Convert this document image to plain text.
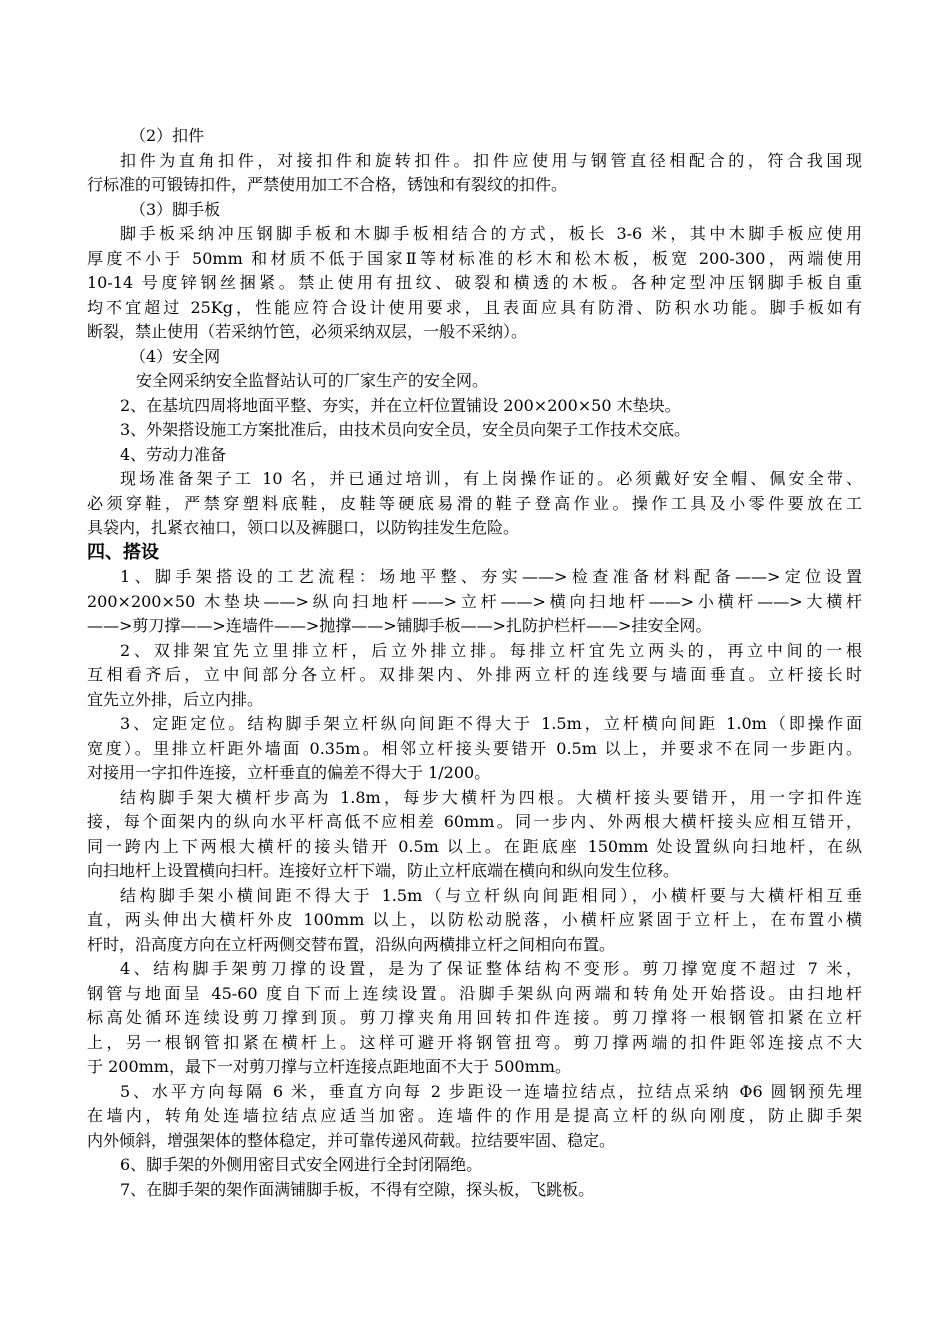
（2）扣件
扣件为直角扣件，对接扣件和旋转扣件。扣件应使用与钢管直径相配合的，符合我国现
行标准的可锻铸扣件，严禁使用加工不合格，锈蚀和有裂纹的扣件。
（3）脚手板
脚手板采纳冲压钢脚手板和木脚手板相结合的方式，板长 3-6 米，其中木脚手板应使用
厚度不小于 50mm 和材质不低于国家Ⅱ等材标准的杉木和松木板，板宽 200-300，两端使用
10-14 号度锌钢丝捆紧。禁止使用有扭纹、破裂和横透的木板。各种定型冲压钢脚手板自重
均不宜超过 25Kg，性能应符合设计使用要求，且表面应具有防滑、防积水功能。脚手板如有
断裂，禁止使用（若采纳竹笆，必须采纳双层，一般不采纳）。
（4）安全网
安全网采纳安全监督站认可的厂家生产的安全网。
2、在基坑四周将地面平整、夯实，并在立杆位置铺设 200×200×50 木垫块。
3、外架搭设施工方案批准后，由技术员向安全员，安全员向架子工作技术交底。
4、劳动力准备
现场准备架子工 10 名，并已通过培训，有上岗操作证的。必须戴好安全帽、佩安全带、
必须穿鞋，严禁穿塑料底鞋，皮鞋等硬底易滑的鞋子登高作业。操作工具及小零件要放在工
具袋内，扎紧衣袖口，领口以及裤腿口，以防钩挂发生危险。
四、搭设
1、脚手架搭设的工艺流程：场地平整、夯实——>检查准备材料配备——>定位设置
200×200×50 木垫块——>纵向扫地杆——>立杆——>横向扫地杆——>小横杆——>大横杆
——>剪刀撑——>连墙件——>抛撑——>铺脚手板——>扎防护栏杆——>挂安全网。
2、双排架宜先立里排立杆，后立外排立排。每排立杆宜先立两头的，再立中间的一根
互相看齐后，立中间部分各立杆。双排架内、外排两立杆的连线要与墙面垂直。立杆接长时
宜先立外排，后立内排。
3、定距定位。结构脚手架立杆纵向间距不得大于 1.5m，立杆横向间距 1.0m（即操作面
宽度）。里排立杆距外墙面 0.35m。相邻立杆接头要错开 0.5m 以上，并要求不在同一步距内。
对接用一字扣件连接，立杆垂直的偏差不得大于 1/200。
结构脚手架大横杆步高为 1.8m，每步大横杆为四根。大横杆接头要错开，用一字扣件连
接，每个面架内的纵向水平杆高低不应相差 60mm。同一步内、外两根大横杆接头应相互错开，
同一跨内上下两根大横杆的接头错开 0.5m 以上。在距底座 150mm 处设置纵向扫地杆，在纵
向扫地杆上设置横向扫杆。连接好立杆下端，防止立杆底端在横向和纵向发生位移。
结构脚手架小横间距不得大于 1.5m（与立杆纵向间距相同），小横杆要与大横杆相互垂
直，两头伸出大横杆外皮 100mm 以上，以防松动脱落，小横杆应紧固于立杆上，在布置小横
杆时，沿高度方向在立杆两侧交替布置，沿纵向两横排立杆之间相向布置。
4、结构脚手架剪刀撑的设置，是为了保证整体结构不变形。剪刀撑宽度不超过 7 米，
钢管与地面呈 45-60 度自下而上连续设置。沿脚手架纵向两端和转角处开始搭设。由扫地杆
标高处循环连续设剪刀撑到顶。剪刀撑夹角用回转扣件连接。剪刀撑将一根钢管扣紧在立杆
上，另一根钢管扣紧在横杆上。这样可避开将钢管扭弯。剪刀撑两端的扣件距邻连接点不大
于 200mm，最下一对剪刀撑与立杆连接点距地面不大于 500mm。
5、水平方向每隔 6 米，垂直方向每 2 步距设一连墙拉结点，拉结点采纳 Φ6 圆钢预先埋
在墙内，转角处连墙拉结点应适当加密。连墙件的作用是提高立杆的纵向刚度，防止脚手架
内外倾斜，增强架体的整体稳定，并可靠传递风荷载。拉结要牢固、稳定。
6、脚手架的外侧用密目式安全网进行全封闭隔绝。
7、在脚手架的架作面满铺脚手板，不得有空隙，探头板，飞跳板。
